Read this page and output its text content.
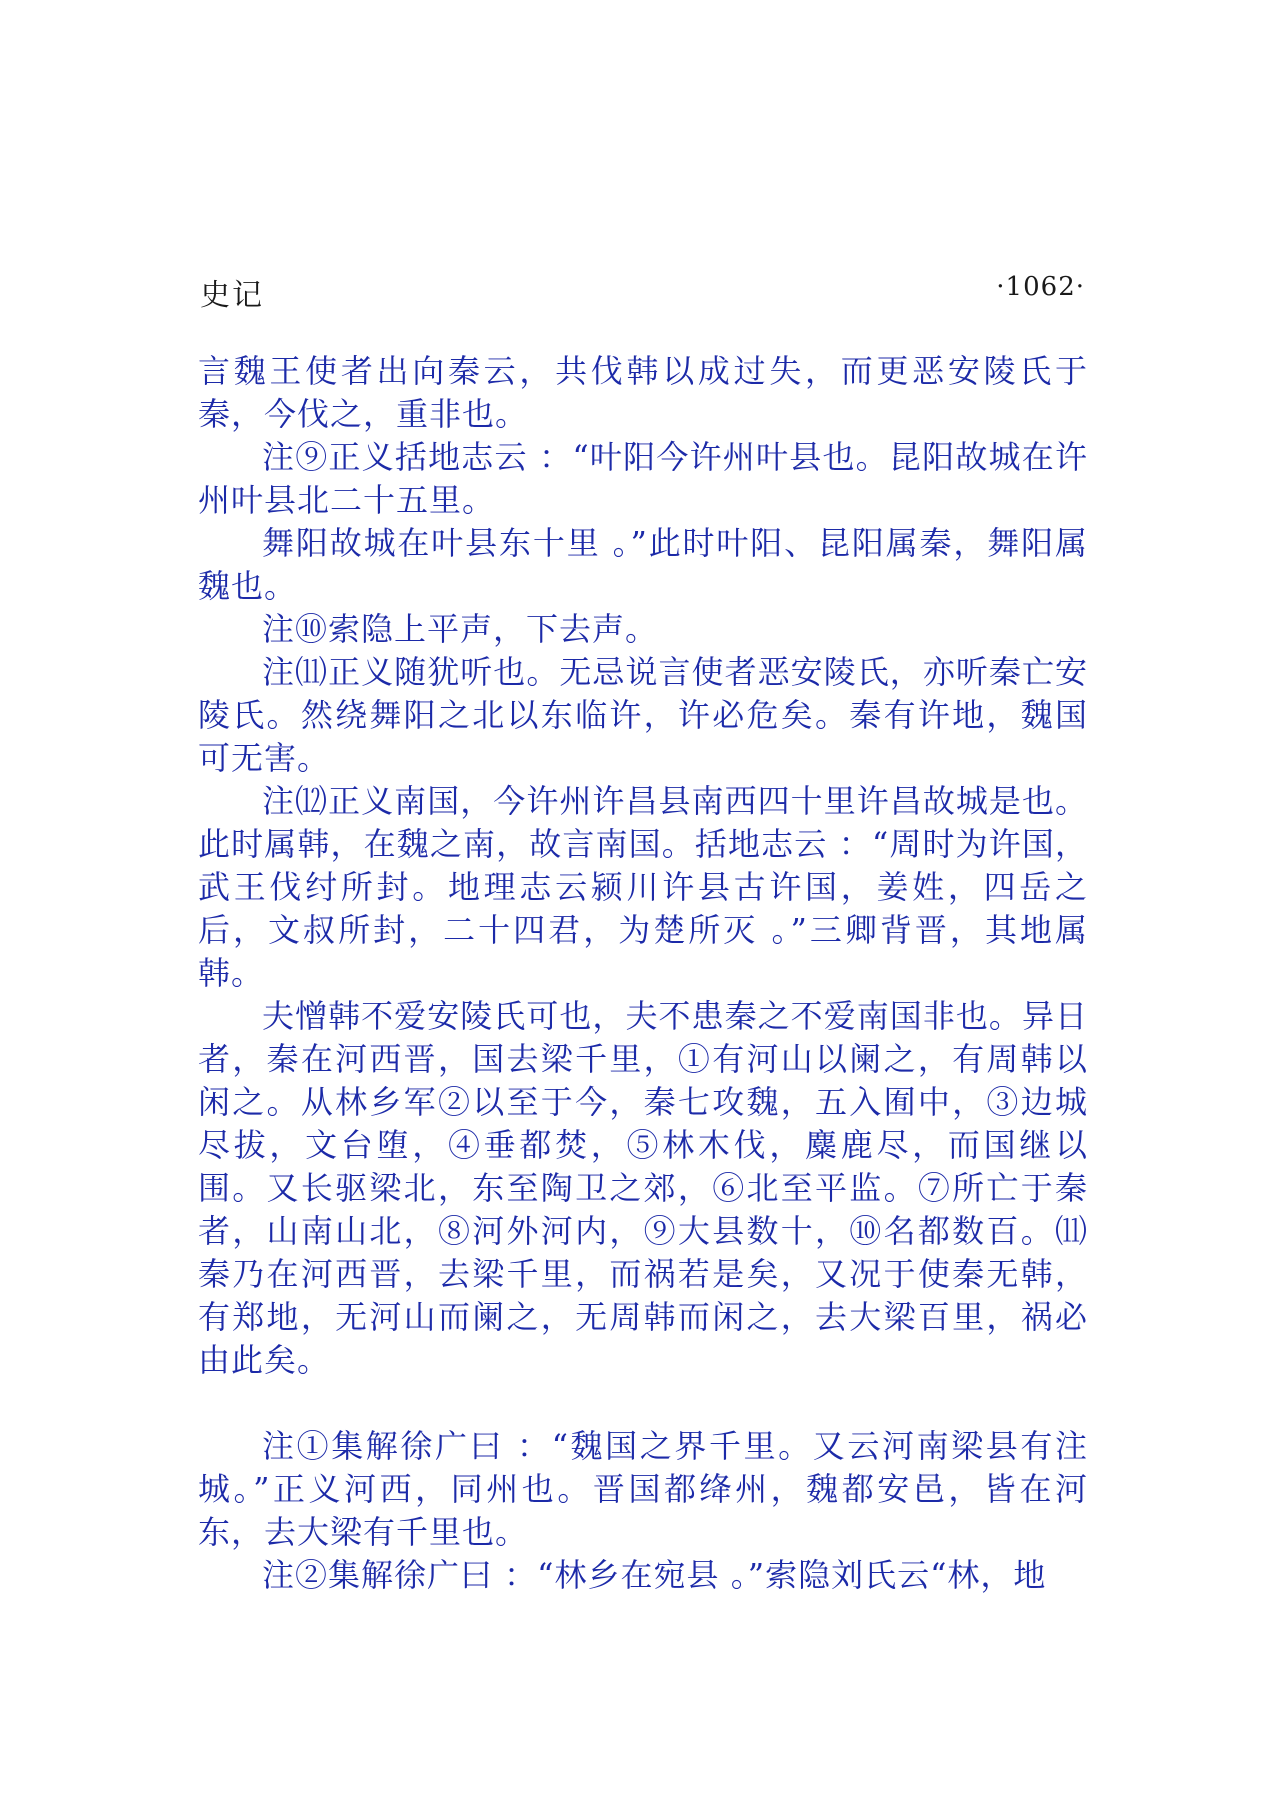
史记	·1062·

言魏王使者出向秦云，共伐韩以成过失，而更恶安陵氏于秦，今伐之，重非也。

注⑨正义括地志云 ：“叶阳今许州叶县也。昆阳故城在许州叶县北二十五里。

舞阳故城在叶县东十里 。”此时叶阳、昆阳属秦，舞阳属魏也。

注⑩索隐上平声，下去声。

注⑾正义随犹听也。无忌说言使者恶安陵氏，亦听秦亡安陵氏。然绕舞阳之北以东临许，许必危矣。秦有许地，魏国可无害。

注⑿正义南国，今许州许昌县南西四十里许昌故城是也。此时属韩，在魏之南，故言南国。括地志云 ：“周时为许国，武王伐纣所封。地理志云颍川许县古许国，姜姓，四岳之后，文叔所封，二十四君，为楚所灭 。”三卿背晋，其地属韩。

夫憎韩不爱安陵氏可也，夫不患秦之不爱南国非也。异日者，秦在河西晋，国去梁千里，①有河山以阑之，有周韩以闲之。从林乡军②以至于今，秦七攻魏，五入囿中，③边城尽拔，文台堕，④垂都焚，⑤林木伐，麋鹿尽，而国继以围。又长驱梁北，东至陶卫之郊，⑥北至平监。⑦所亡于秦者，山南山北，⑧河外河内，⑨大县数十，⑩名都数百。⑾秦乃在河西晋，去梁千里，而祸若是矣，又况于使秦无韩，有郑地，无河山而阑之，无周韩而闲之，去大梁百里，祸必由此矣。

注①集解徐广曰 ：“魏国之界千里。又云河南梁县有注城。”正义河西，同州也。晋国都绛州，魏都安邑，皆在河东，去大梁有千里也。

注②集解徐广曰 ：“林乡在宛县 。”索隐刘氏云“林，地
